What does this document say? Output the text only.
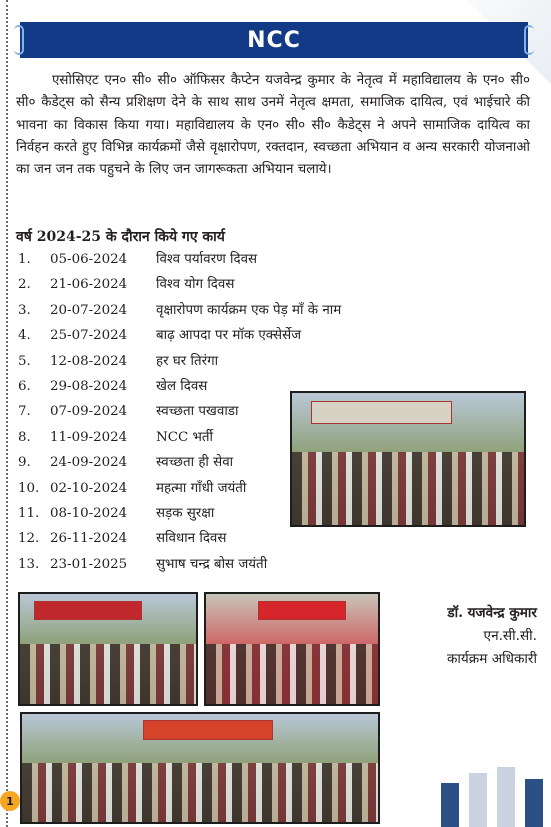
NCC

एसोसिएट एन० सी० सी० ऑफिसर कैप्टेन यजवेन्द्र कुमार के नेतृत्व में महाविद्यालय के एन० सी० सी० कैडेट्स को सैन्य प्रशिक्षण देने के साथ साथ उनमें नेतृत्व क्षमता, समाजिक दायित्व, एवं भाईचारे की भावना का विकास किया गया। महाविद्यालय के एन० सी० सी० कैडेट्स ने अपने सामाजिक दायित्व का निर्वहन करते हुए विभिन्न कार्यक्रमों जैसे वृक्षारोपण, रक्तदान, स्वच्छता अभियान व अन्य सरकारी योजनाओ का जन जन तक पहुचने के लिए जन जागरूकता अभियान चलाये।

वर्ष 2024-25 के दौरान किये गए कार्य
1. 05-06-2024 विश्व पर्यावरण दिवस
2. 21-06-2024 विश्व योग दिवस
3. 20-07-2024 वृक्षारोपण कार्यक्रम एक पेड़ माँ के नाम
4. 25-07-2024 बाढ़ आपदा पर मॉक एक्सेर्सेज
5. 12-08-2024 हर घर तिरंगा
6. 29-08-2024 खेल दिवस
7. 07-09-2024 स्वच्छता पखवाडा
8. 11-09-2024 NCC भर्ती
9. 24-09-2024 स्वच्छता ही सेवा
10. 02-10-2024 महत्मा गाँधी जयंती
11. 08-10-2024 सड़क सुरक्षा
12. 26-11-2024 सविधान दिवस
13. 23-01-2025 सुभाष चन्द्र बोस जयंती
डॉ. यजवेन्द्र कुमार
एन.सी.सी.
कार्यक्रम अधिकारी
1
